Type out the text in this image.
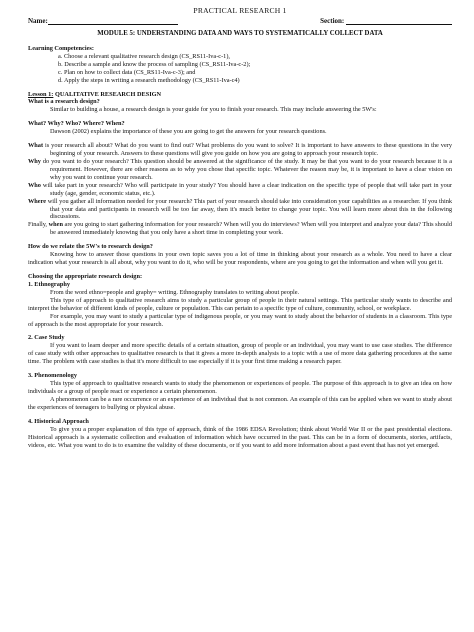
PRACTICAL RESEARCH 1
Name:	Section:
MODULE 5: UNDERSTANDING DATA AND WAYS TO SYSTEMATICALLY COLLECT DATA
Learning Competencies:
a. Choose a relevant qualitative research design (CS_RS11-Iva-c-1),
b. Describe a sample and know the process of sampling (CS_RS11-Iva-c-2);
c. Plan on how to collect data (CS_RS11-Iva-c-3); and
d. Apply the steps in writing a research methodology (CS_RS11-Iva-c4)
Lesson 1: QUALITATIVE RESEARCH DESIGN
What is a research design?

Similar to building a house, a research design is your guide for you to finish your research. This may include answering the 5W's:

What? Why? Who? Where? When?

Dawson (2002) explains the importance of these you are going to get the answers for your research questions.

What is your research all about? What do you want to find out? What problems do you want to solve? It is important to have answers to these questions in the very beginning of your research. Answers to these questions will give you guide on how you are going to approach your research topic.

Why do you want to do your research? This question should be answered at the significance of the study. It may be that you want to do your research because it is a requirement. However, there are other reasons as to why you chose that specific topic. Whatever the reason may be, it is important to have a clear vision on why you want to continue your research.

Who will take part in your research? Who will participate in your study? You should have a clear indication on the specific type of people that will take part in your study (age, gender, economic status, etc.).

Where will you gather all information needed for your research? This part of your research should take into consideration your capabilities as a researcher. If you think that your data and participants in research will be too far away, then it's much better to change your topic. You will learn more about this in the following discussions.

Finally, when are you going to start gathering information for your research? When will you do interviews? When will you interpret and analyze your data? This should be answered immediately knowing that you only have a short time in completing your work.

How do we relate the 5W's to research design?

Knowing how to answer those questions in your own topic saves you a lot of time in thinking about your research as a whole. You need to have a clear indication what your research is all about, why you want to do it, who will be your respondents, where are you going to get the information and when will you get it.

Choosing the appropriate research design:
1. Ethnography

From the word ethno=people and graphy= writing. Ethnography translates to writing about people.

This type of approach to qualitative research aims to study a particular group of people in their natural settings. This particular study wants to describe and interpret the behavior of different kinds of people, culture or population. This can pertain to a specific type of culture, community, school, or workplace.

For example, you may want to study a particular type of indigenous people, or you may want to study about the behavior of students in a classroom. This type of approach is the most appropriate for your research.

2. Case Study

If you want to learn deeper and more specific details of a certain situation, group of people or an individual, you may want to use case studies. The difference of case study with other approaches to qualitative research is that it gives a more in-depth analysis to a topic with a use of more data gathering procedures at the same time. The problem with case studies is that it's more difficult to use especially if it is your first time making a research paper.

3. Phenomenology

This type of approach to qualitative research wants to study the phenomenon or experiences of people. The purpose of this approach is to give an idea on how individuals or a group of people react or experience a certain phenomenon.

A phenomenon can be a rare occurrence or an experience of an individual that is not common. An example of this can be applied when we want to study about the experiences of teenagers to bullying or physical abuse.

4. Historical Approach

To give you a proper explanation of this type of approach, think of the 1986 EDSA Revolution; think about World War II or the past presidential elections. Historical approach is a systematic collection and evaluation of information which have occurred in the past. This can be in a form of documents, stories, artifacts, videos, etc. What you want to do is to examine the validity of these documents, or if you want to add more information about a past event that has not yet emerged.
